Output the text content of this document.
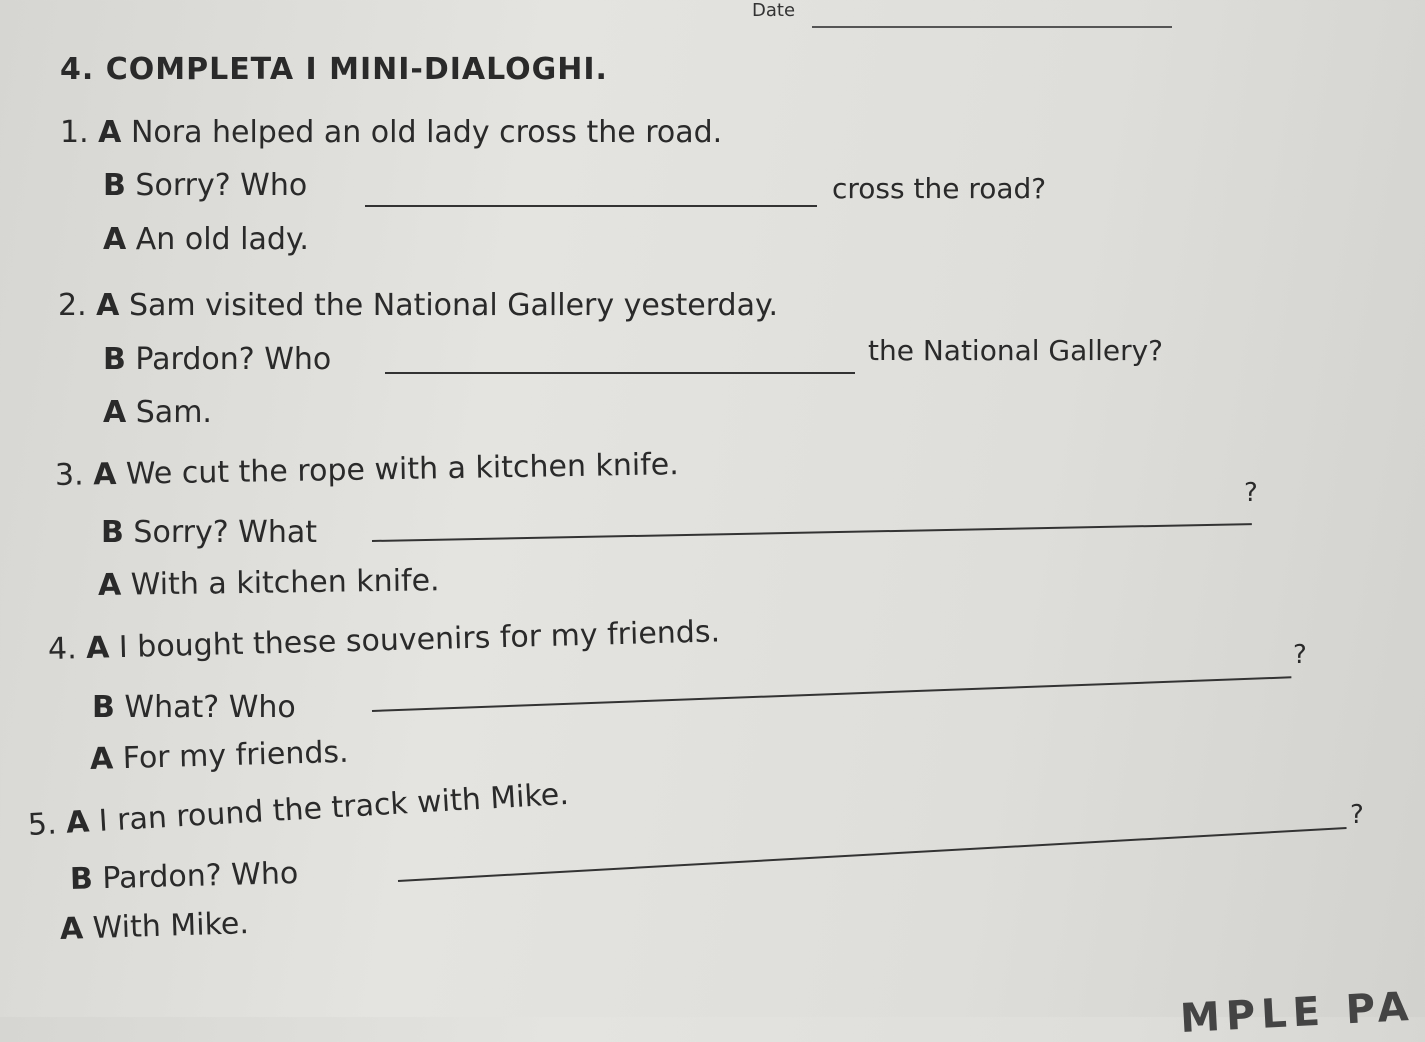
Date
4. COMPLETA I MINI-DIALOGHI.
1. A Nora helped an old lady cross the road.
B Sorry? Who	cross the road?
A An old lady.
2. A Sam visited the National Gallery yesterday.
B Pardon? Who	the National Gallery?
A Sam.
3. A We cut the rope with a kitchen knife.
B Sorry? What
?
A With a kitchen knife.
4. A I bought these souvenirs for my friends.
B What? Who
?
A For my friends.
5. A I ran round the track with Mike.
B Pardon? Who
?
A With Mike.
MPLE PA
